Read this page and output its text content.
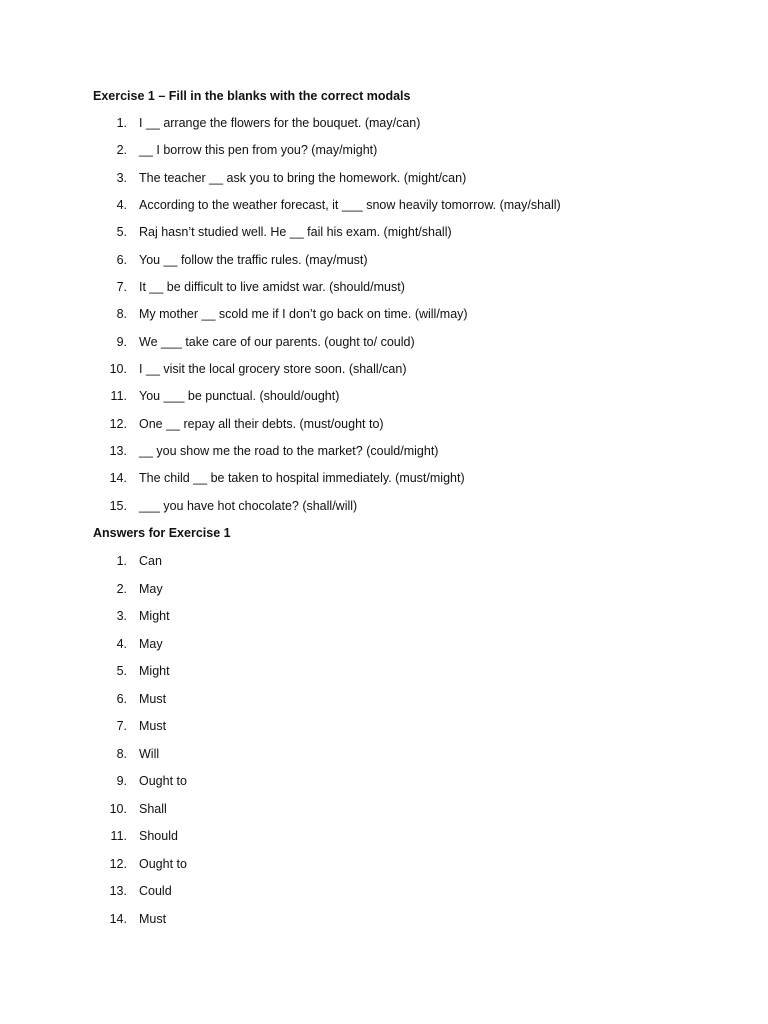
Exercise 1 – Fill in the blanks with the correct modals
1. I __ arrange the flowers for the bouquet. (may/can)
2. __ I borrow this pen from you? (may/might)
3. The teacher __ ask you to bring the homework. (might/can)
4. According to the weather forecast, it ___ snow heavily tomorrow. (may/shall)
5. Raj hasn’t studied well. He __ fail his exam. (might/shall)
6. You __ follow the traffic rules. (may/must)
7. It __ be difficult to live amidst war. (should/must)
8. My mother __ scold me if I don’t go back on time. (will/may)
9. We ___ take care of our parents. (ought to/ could)
10. I __ visit the local grocery store soon. (shall/can)
11. You ___ be punctual. (should/ought)
12. One __ repay all their debts. (must/ought to)
13. __ you show me the road to the market? (could/might)
14. The child __ be taken to hospital immediately. (must/might)
15. ___ you have hot chocolate? (shall/will)
Answers for Exercise 1
1. Can
2. May
3. Might
4. May
5. Might
6. Must
7. Must
8. Will
9. Ought to
10. Shall
11. Should
12. Ought to
13. Could
14. Must
